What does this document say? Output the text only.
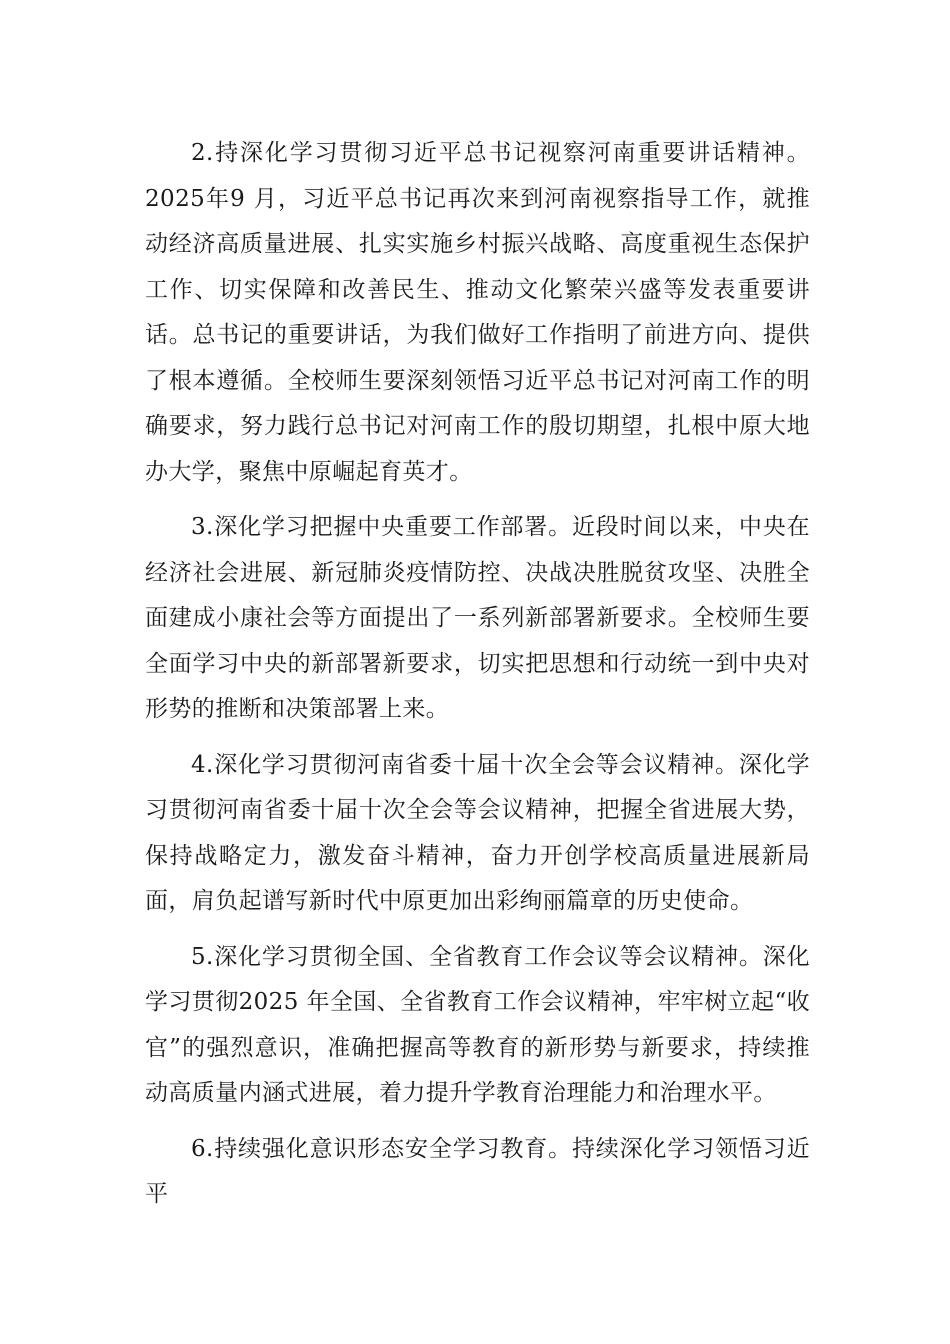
2.持深化学习贯彻习近平总书记视察河南重要讲话精神。2025年9 月，习近平总书记再次来到河南视察指导工作，就推动经济高质量进展、扎实实施乡村振兴战略、高度重视生态保护工作、切实保障和改善民生、推动文化繁荣兴盛等发表重要讲话。总书记的重要讲话，为我们做好工作指明了前进方向、提供了根本遵循。全校师生要深刻领悟习近平总书记对河南工作的明确要求，努力践行总书记对河南工作的殷切期望，扎根中原大地办大学，聚焦中原崛起育英才。

3.深化学习把握中央重要工作部署。近段时间以来，中央在经济社会进展、新冠肺炎疫情防控、决战决胜脱贫攻坚、决胜全面建成小康社会等方面提出了一系列新部署新要求。全校师生要全面学习中央的新部署新要求，切实把思想和行动统一到中央对形势的推断和决策部署上来。

4.深化学习贯彻河南省委十届十次全会等会议精神。深化学习贯彻河南省委十届十次全会等会议精神，把握全省进展大势，保持战略定力，激发奋斗精神，奋力开创学校高质量进展新局面，肩负起谱写新时代中原更加出彩绚丽篇章的历史使命。

5.深化学习贯彻全国、全省教育工作会议等会议精神。深化学习贯彻2025 年全国、全省教育工作会议精神，牢牢树立起“收官”的强烈意识，准确把握高等教育的新形势与新要求，持续推动高质量内涵式进展，着力提升学教育治理能力和治理水平。

6.持续强化意识形态安全学习教育。持续深化学习领悟习近平
